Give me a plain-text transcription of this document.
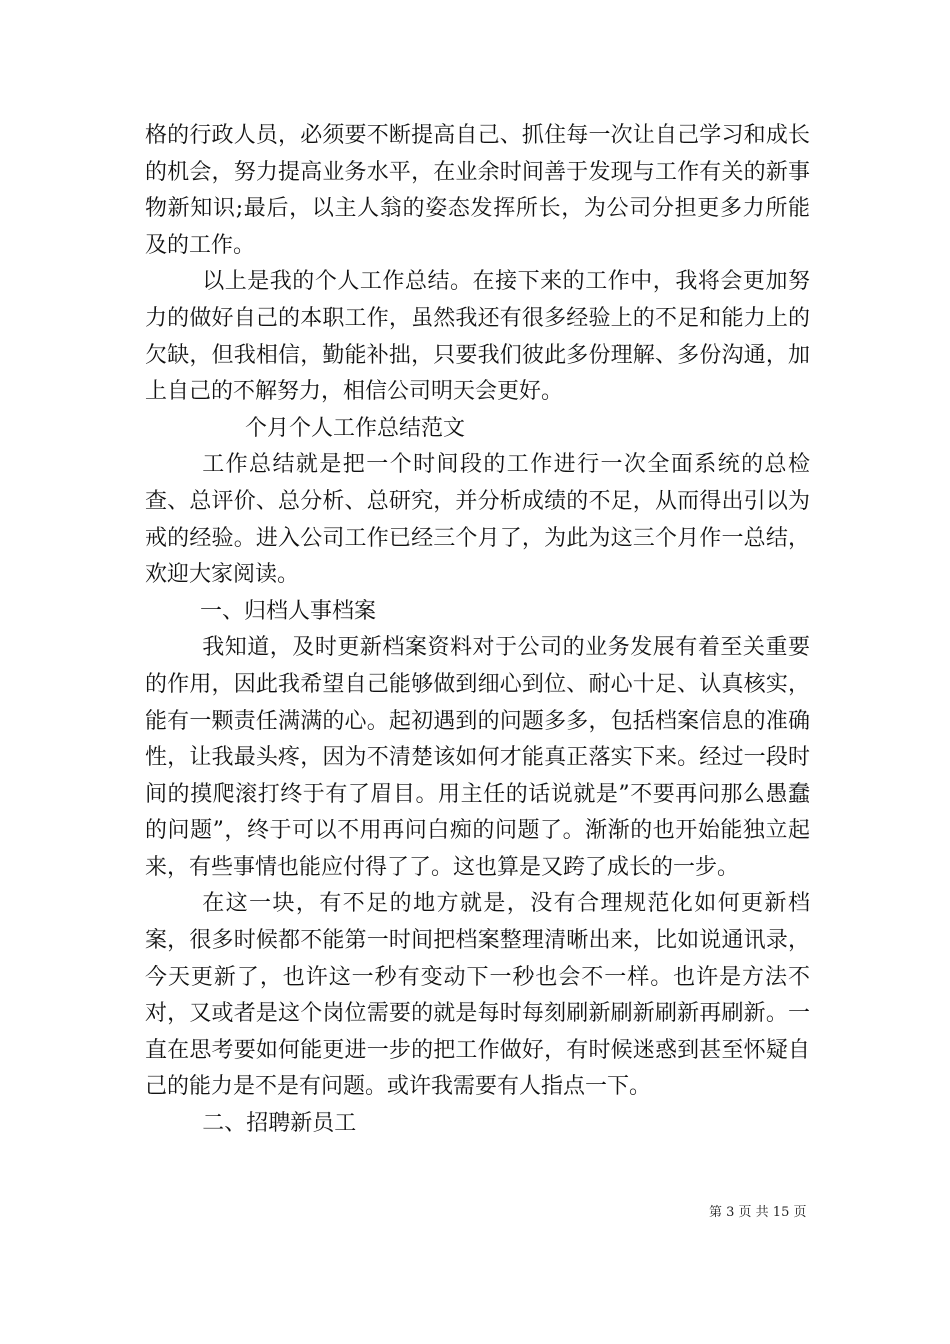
格的行政人员，必须要不断提高自己、抓住每一次让自己学习和成长的机会，努力提高业务水平，在业余时间善于发现与工作有关的新事物新知识;最后，以主人翁的姿态发挥所长，为公司分担更多力所能及的工作。

以上是我的个人工作总结。在接下来的工作中，我将会更加努力的做好自己的本职工作，虽然我还有很多经验上的不足和能力上的欠缺，但我相信，勤能补拙，只要我们彼此多份理解、多份沟通，加上自己的不解努力，相信公司明天会更好。

个月个人工作总结范文

工作总结就是把一个时间段的工作进行一次全面系统的总检查、总评价、总分析、总研究，并分析成绩的不足，从而得出引以为戒的经验。进入公司工作已经三个月了，为此为这三个月作一总结，欢迎大家阅读。

一、归档人事档案

我知道，及时更新档案资料对于公司的业务发展有着至关重要的作用，因此我希望自己能够做到细心到位、耐心十足、认真核实，能有一颗责任满满的心。起初遇到的问题多多，包括档案信息的准确性，让我最头疼，因为不清楚该如何才能真正落实下来。经过一段时间的摸爬滚打终于有了眉目。用主任的话说就是”不要再问那么愚蠢的问题”，终于可以不用再问白痴的问题了。渐渐的也开始能独立起来，有些事情也能应付得了了。这也算是又跨了成长的一步。

在这一块，有不足的地方就是，没有合理规范化如何更新档案，很多时候都不能第一时间把档案整理清晰出来，比如说通讯录，今天更新了，也许这一秒有变动下一秒也会不一样。也许是方法不对，又或者是这个岗位需要的就是每时每刻刷新刷新刷新再刷新。一直在思考要如何能更进一步的把工作做好，有时候迷惑到甚至怀疑自己的能力是不是有问题。或许我需要有人指点一下。

二、招聘新员工

第 3 页 共 15 页
